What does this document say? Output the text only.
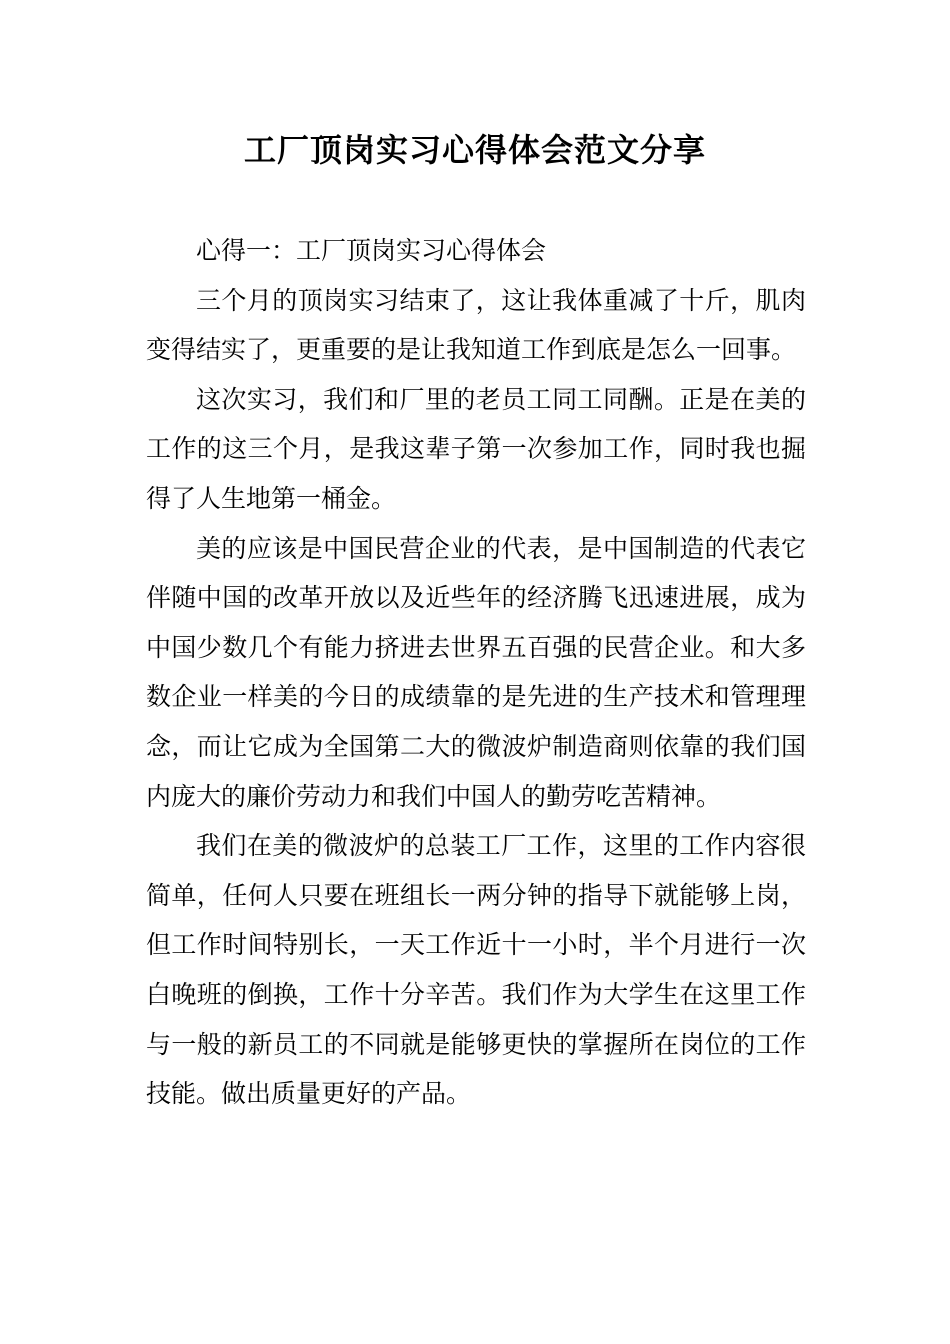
工厂顶岗实习心得体会范文分享

心得一：工厂顶岗实习心得体会

三个月的顶岗实习结束了，这让我体重减了十斤，肌肉变得结实了，更重要的是让我知道工作到底是怎么一回事。

这次实习，我们和厂里的老员工同工同酬。正是在美的工作的这三个月，是我这辈子第一次参加工作，同时我也掘得了人生地第一桶金。

美的应该是中国民营企业的代表，是中国制造的代表它伴随中国的改革开放以及近些年的经济腾飞迅速进展，成为中国少数几个有能力挤进去世界五百强的民营企业。和大多数企业一样美的今日的成绩靠的是先进的生产技术和管理理念，而让它成为全国第二大的微波炉制造商则依靠的我们国内庞大的廉价劳动力和我们中国人的勤劳吃苦精神。

我们在美的微波炉的总装工厂工作，这里的工作内容很简单，任何人只要在班组长一两分钟的指导下就能够上岗，但工作时间特别长，一天工作近十一小时，半个月进行一次白晚班的倒换，工作十分辛苦。我们作为大学生在这里工作与一般的新员工的不同就是能够更快的掌握所在岗位的工作技能。做出质量更好的产品。
